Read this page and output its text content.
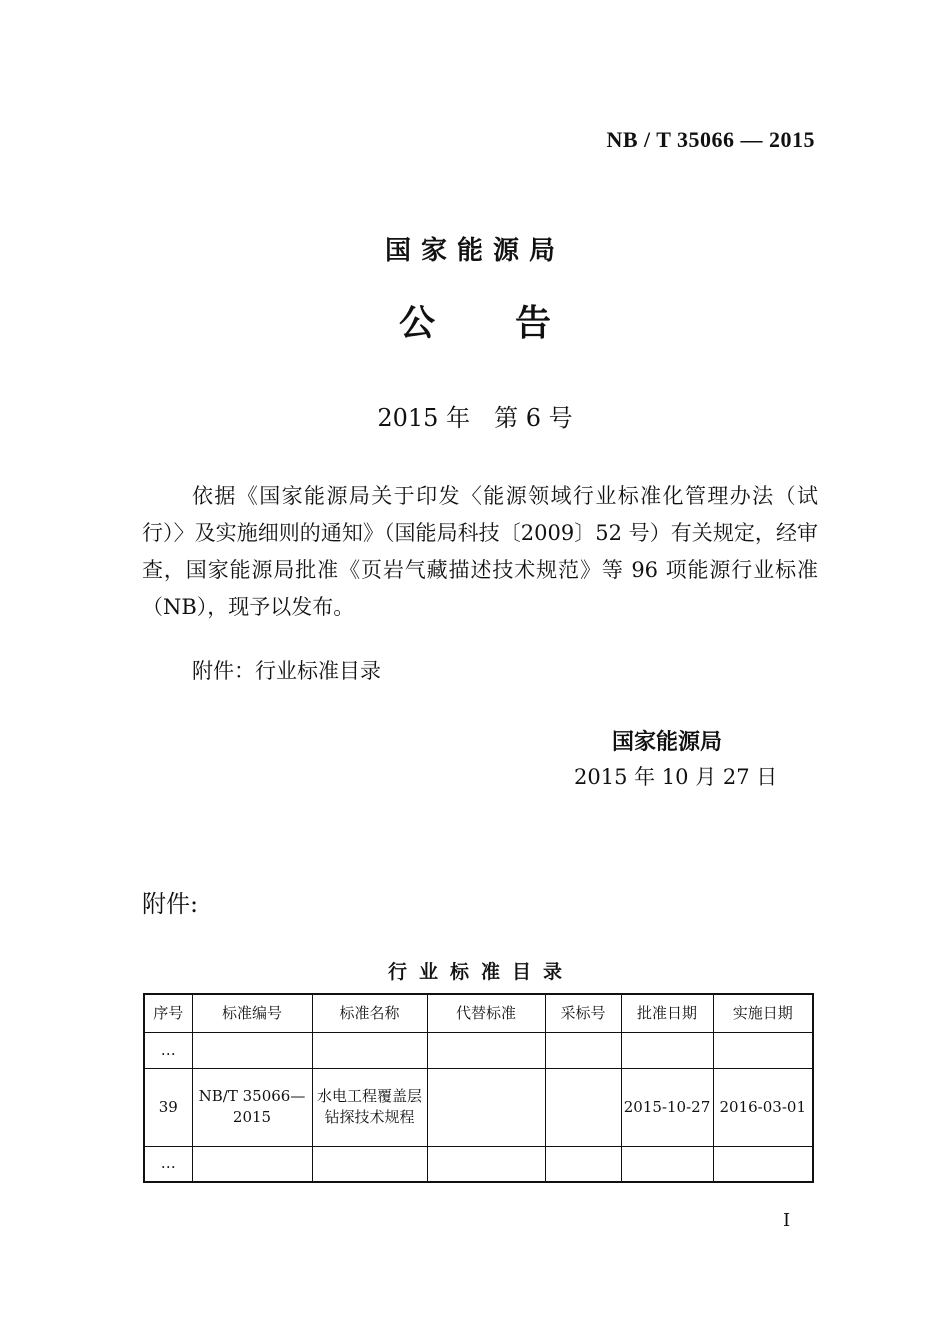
NB / T 35066 — 2015
国家能源局
公告
2015 年　第 6 号

依据《国家能源局关于印发〈能源领域行业标准化管理办法（试行）〉及实施细则的通知》（国能局科技〔2009〕52 号）有关规定，经审查，国家能源局批准《页岩气藏描述技术规范》等 96 项能源行业标准（NB），现予以发布。

附件：行业标准目录
国家能源局
2015 年 10 月 27 日
附件:
行业标准目录
序号	标准编号	标准名称	代替标准	采标号	批准日期	实施日期
…						
39	NB/T 35066—2015	水电工程覆盖层钻探技术规程			2015-10-27	2016-03-01
…						
I
